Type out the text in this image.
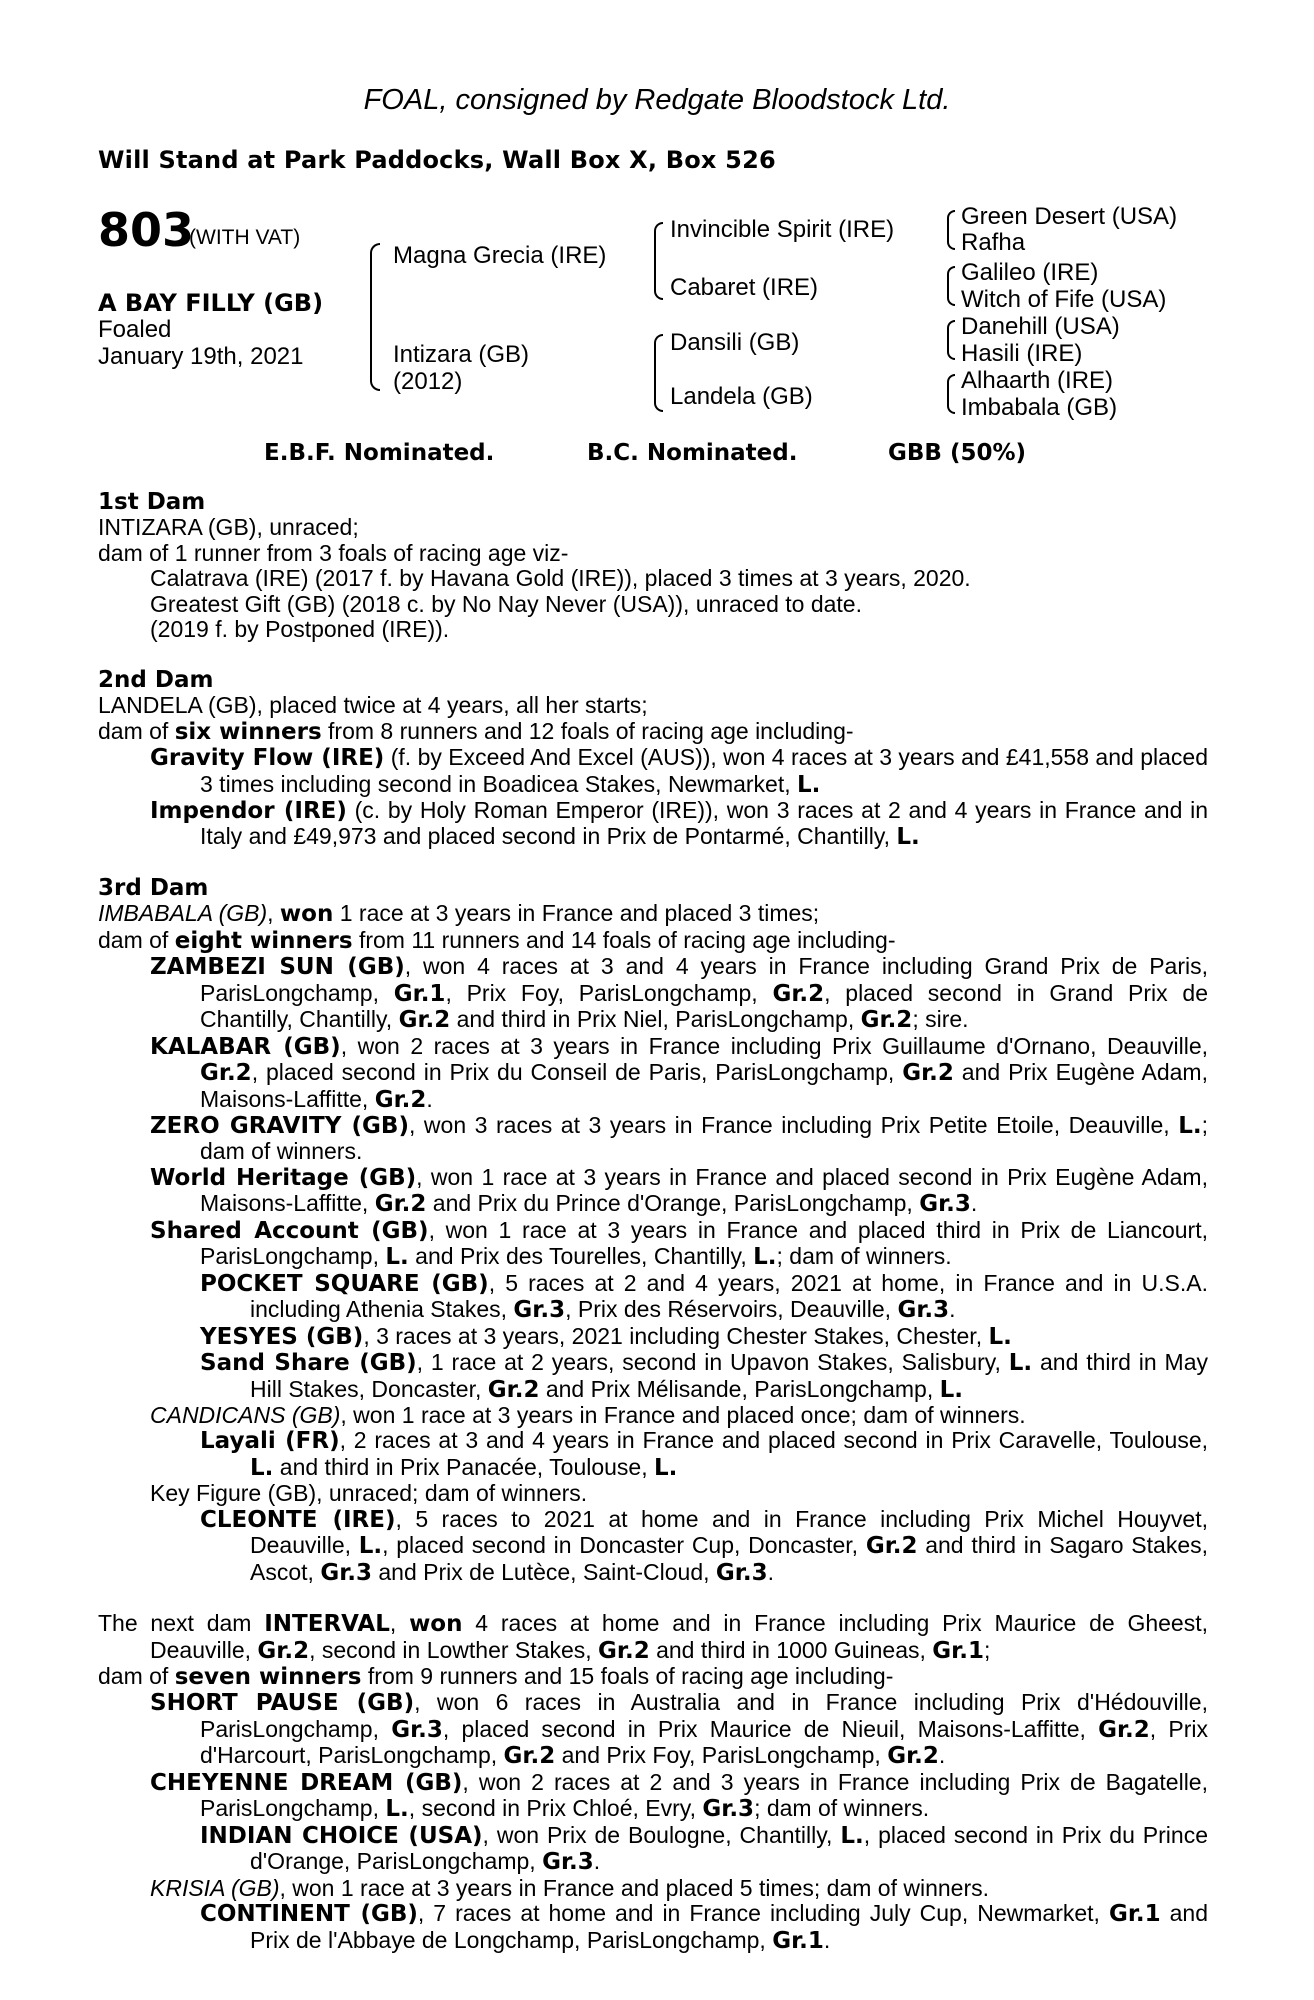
FOAL, consigned by Redgate Bloodstock Ltd.
Will Stand at Park Paddocks, Wall Box X, Box 526
803
(WITH VAT)
A BAY FILLY (GB)
Foaled
January 19th, 2021
Magna Grecia (IRE)
Intizara (GB)
(2012)
Invincible Spirit (IRE)
Cabaret (IRE)
Dansili (GB)
Landela (GB)
Green Desert (USA)
Rafha
Galileo (IRE)
Witch of Fife (USA)
Danehill (USA)
Hasili (IRE)
Alhaarth (IRE)
Imbabala (GB)
E.B.F. Nominated.	B.C. Nominated.	GBB (50%)

1st Dam

INTIZARA (GB), unraced;

dam of 1 runner from 3 foals of racing age viz-

Calatrava (IRE) (2017 f. by Havana Gold (IRE)), placed 3 times at 3 years, 2020.

Greatest Gift (GB) (2018 c. by No Nay Never (USA)), unraced to date.

(2019 f. by Postponed (IRE)).

2nd Dam

LANDELA (GB), placed twice at 4 years, all her starts;

dam of six winners from 8 runners and 12 foals of racing age including-

Gravity Flow (IRE) (f. by Exceed And Excel (AUS)), won 4 races at 3 years and £41,558 and placed 3 times including second in Boadicea Stakes, Newmarket, L.

Impendor (IRE) (c. by Holy Roman Emperor (IRE)), won 3 races at 2 and 4 years in France and in Italy and £49,973 and placed second in Prix de Pontarmé, Chantilly, L.

3rd Dam

IMBABALA (GB), won 1 race at 3 years in France and placed 3 times;

dam of eight winners from 11 runners and 14 foals of racing age including-

ZAMBEZI SUN (GB), won 4 races at 3 and 4 years in France including Grand Prix de Paris, ParisLongchamp, Gr.1, Prix Foy, ParisLongchamp, Gr.2, placed second in Grand Prix de Chantilly, Chantilly, Gr.2 and third in Prix Niel, ParisLongchamp, Gr.2; sire.

KALABAR (GB), won 2 races at 3 years in France including Prix Guillaume d'Ornano, Deauville, Gr.2, placed second in Prix du Conseil de Paris, ParisLongchamp, Gr.2 and Prix Eugène Adam, Maisons-Laffitte, Gr.2.

ZERO GRAVITY (GB), won 3 races at 3 years in France including Prix Petite Etoile, Deauville, L.; dam of winners.

World Heritage (GB), won 1 race at 3 years in France and placed second in Prix Eugène Adam, Maisons-Laffitte, Gr.2 and Prix du Prince d'Orange, ParisLongchamp, Gr.3.

Shared Account (GB), won 1 race at 3 years in France and placed third in Prix de Liancourt, ParisLongchamp, L. and Prix des Tourelles, Chantilly, L.; dam of winners.

POCKET SQUARE (GB), 5 races at 2 and 4 years, 2021 at home, in France and in U.S.A. including Athenia Stakes, Gr.3, Prix des Réservoirs, Deauville, Gr.3.

YESYES (GB), 3 races at 3 years, 2021 including Chester Stakes, Chester, L.

Sand Share (GB), 1 race at 2 years, second in Upavon Stakes, Salisbury, L. and third in May Hill Stakes, Doncaster, Gr.2 and Prix Mélisande, ParisLongchamp, L.

CANDICANS (GB), won 1 race at 3 years in France and placed once; dam of winners.

Layali (FR), 2 races at 3 and 4 years in France and placed second in Prix Caravelle, Toulouse, L. and third in Prix Panacée, Toulouse, L.

Key Figure (GB), unraced; dam of winners.

CLEONTE (IRE), 5 races to 2021 at home and in France including Prix Michel Houyvet, Deauville, L., placed second in Doncaster Cup, Doncaster, Gr.2 and third in Sagaro Stakes, Ascot, Gr.3 and Prix de Lutèce, Saint-Cloud, Gr.3.

The next dam INTERVAL, won 4 races at home and in France including Prix Maurice de Gheest, Deauville, Gr.2, second in Lowther Stakes, Gr.2 and third in 1000 Guineas, Gr.1;

dam of seven winners from 9 runners and 15 foals of racing age including-

SHORT PAUSE (GB), won 6 races in Australia and in France including Prix d'Hédouville, ParisLongchamp, Gr.3, placed second in Prix Maurice de Nieuil, Maisons-Laffitte, Gr.2, Prix d'Harcourt, ParisLongchamp, Gr.2 and Prix Foy, ParisLongchamp, Gr.2.

CHEYENNE DREAM (GB), won 2 races at 2 and 3 years in France including Prix de Bagatelle, ParisLongchamp, L., second in Prix Chloé, Evry, Gr.3; dam of winners.

INDIAN CHOICE (USA), won Prix de Boulogne, Chantilly, L., placed second in Prix du Prince d'Orange, ParisLongchamp, Gr.3.

KRISIA (GB), won 1 race at 3 years in France and placed 5 times; dam of winners.

CONTINENT (GB), 7 races at home and in France including July Cup, Newmarket, Gr.1 and Prix de l'Abbaye de Longchamp, ParisLongchamp, Gr.1.
